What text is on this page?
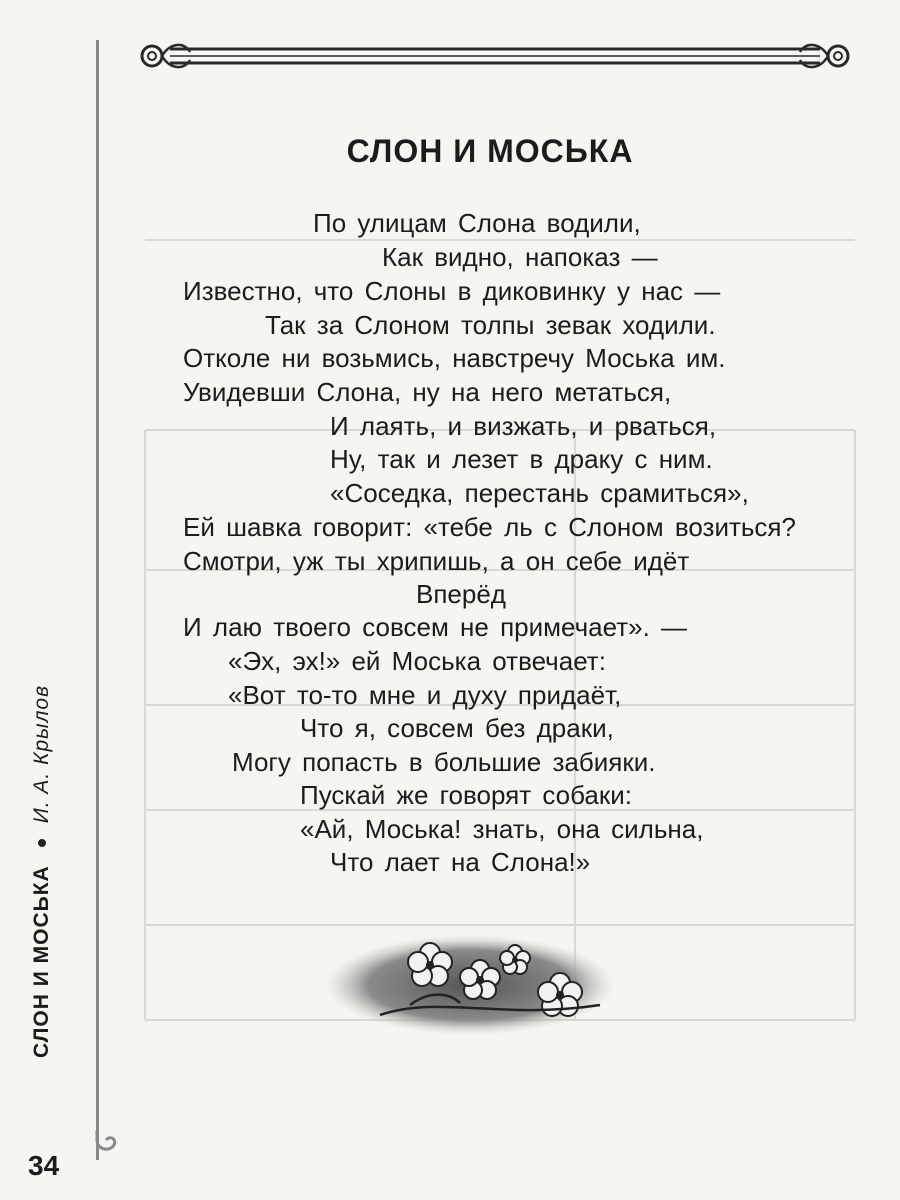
СЛОН И МОСЬКА
По улицам Слона водили,
Как видно, напоказ —
Известно, что Слоны в диковинку у нас —
Так за Слоном толпы зевак ходили.
Отколе ни возьмись, навстречу Моська им.
Увидевши Слона, ну на него метаться,
И лаять, и визжать, и рваться,
Ну, так и лезет в драку с ним.
«Соседка, перестань срамиться»,
Ей шавка говорит: «тебе ль с Слоном возиться?
Смотри, уж ты хрипишь, а он себе идёт
Вперёд
И лаю твоего совсем не примечает». —
«Эх, эх!» ей Моська отвечает:
«Вот то-то мне и духу придаёт,
Что я, совсем без драки,
Могу попасть в большие забияки.
Пускай же говорят собаки:
«Ай, Моська! знать, она сильна,
Что лает на Слона!»
СЛОН И МОСЬКА
И. А. Крылов
34
